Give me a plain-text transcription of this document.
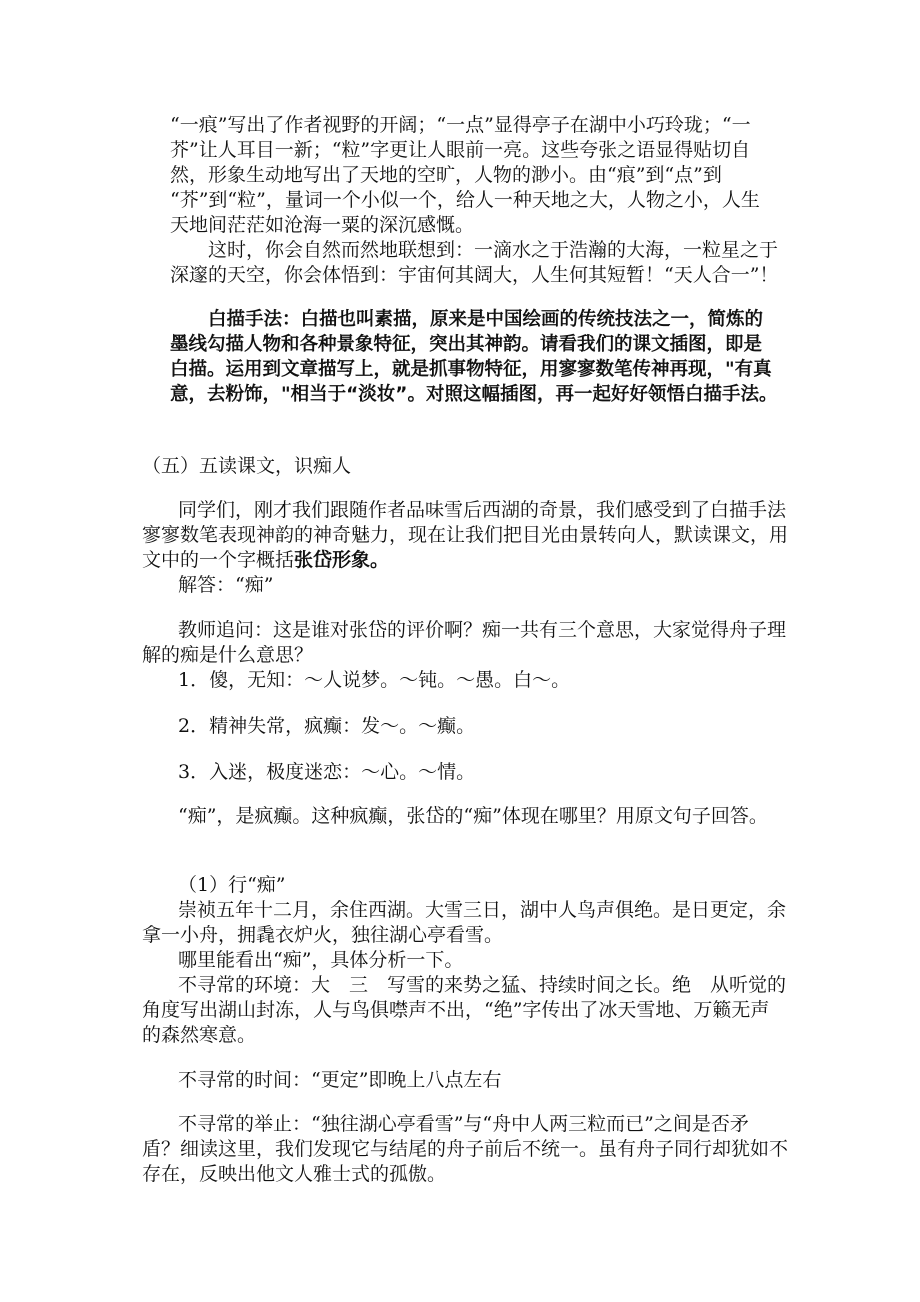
“一痕”写出了作者视野的开阔；“一点”显得亭子在湖中小巧玲珑；“一
芥”让人耳目一新；“粒”字更让人眼前一亮。这些夸张之语显得贴切自
然，形象生动地写出了天地的空旷，人物的渺小。由“痕”到“点”到
“芥”到“粒”，量词一个小似一个，给人一种天地之大，人物之小，人生
天地间茫茫如沧海一粟的深沉感慨。
这时，你会自然而然地联想到：一滴水之于浩瀚的大海，一粒星之于
深邃的天空，你会体悟到：宇宙何其阔大，人生何其短暂！“天人合一”！
白描手法：白描也叫素描，原来是中国绘画的传统技法之一，简炼的
墨线勾描人物和各种景象特征，突出其神韵。请看我们的课文插图，即是
白描。运用到文章描写上，就是抓事物特征，用寥寥数笔传神再现，"有真
意，去粉饰，"相当于“淡妆”。对照这幅插图，再一起好好领悟白描手法。
（五）五读课文，识痴人
同学们，刚才我们跟随作者品味雪后西湖的奇景，我们感受到了白描手法
寥寥数笔表现神韵的神奇魅力，现在让我们把目光由景转向人，默读课文，用
文中的一个字概括张岱形象。
解答：“痴”
教师追问：这是谁对张岱的评价啊？痴一共有三个意思，大家觉得舟子理
解的痴是什么意思？
1．傻，无知：～人说梦。～钝。～愚。白～。
2．精神失常，疯癫：发～。～癫。
3．入迷，极度迷恋：～心。～情。
“痴”，是疯癫。这种疯癫，张岱的“痴”体现在哪里？用原文句子回答。
（1）行“痴”
崇祯五年十二月，余住西湖。大雪三日，湖中人鸟声俱绝。是日更定，余
拿一小舟，拥毳衣炉火，独往湖心亭看雪。
哪里能看出“痴”，具体分析一下。
不寻常的环境：大　三　写雪的来势之猛、持续时间之长。绝　从听觉的
角度写出湖山封冻，人与鸟俱噤声不出，“绝”字传出了冰天雪地、万籁无声
的森然寒意。
不寻常的时间：“更定”即晚上八点左右
不寻常的举止：“独往湖心亭看雪”与“舟中人两三粒而已”之间是否矛
盾？细读这里，我们发现它与结尾的舟子前后不统一。虽有舟子同行却犹如不
存在，反映出他文人雅士式的孤傲。
